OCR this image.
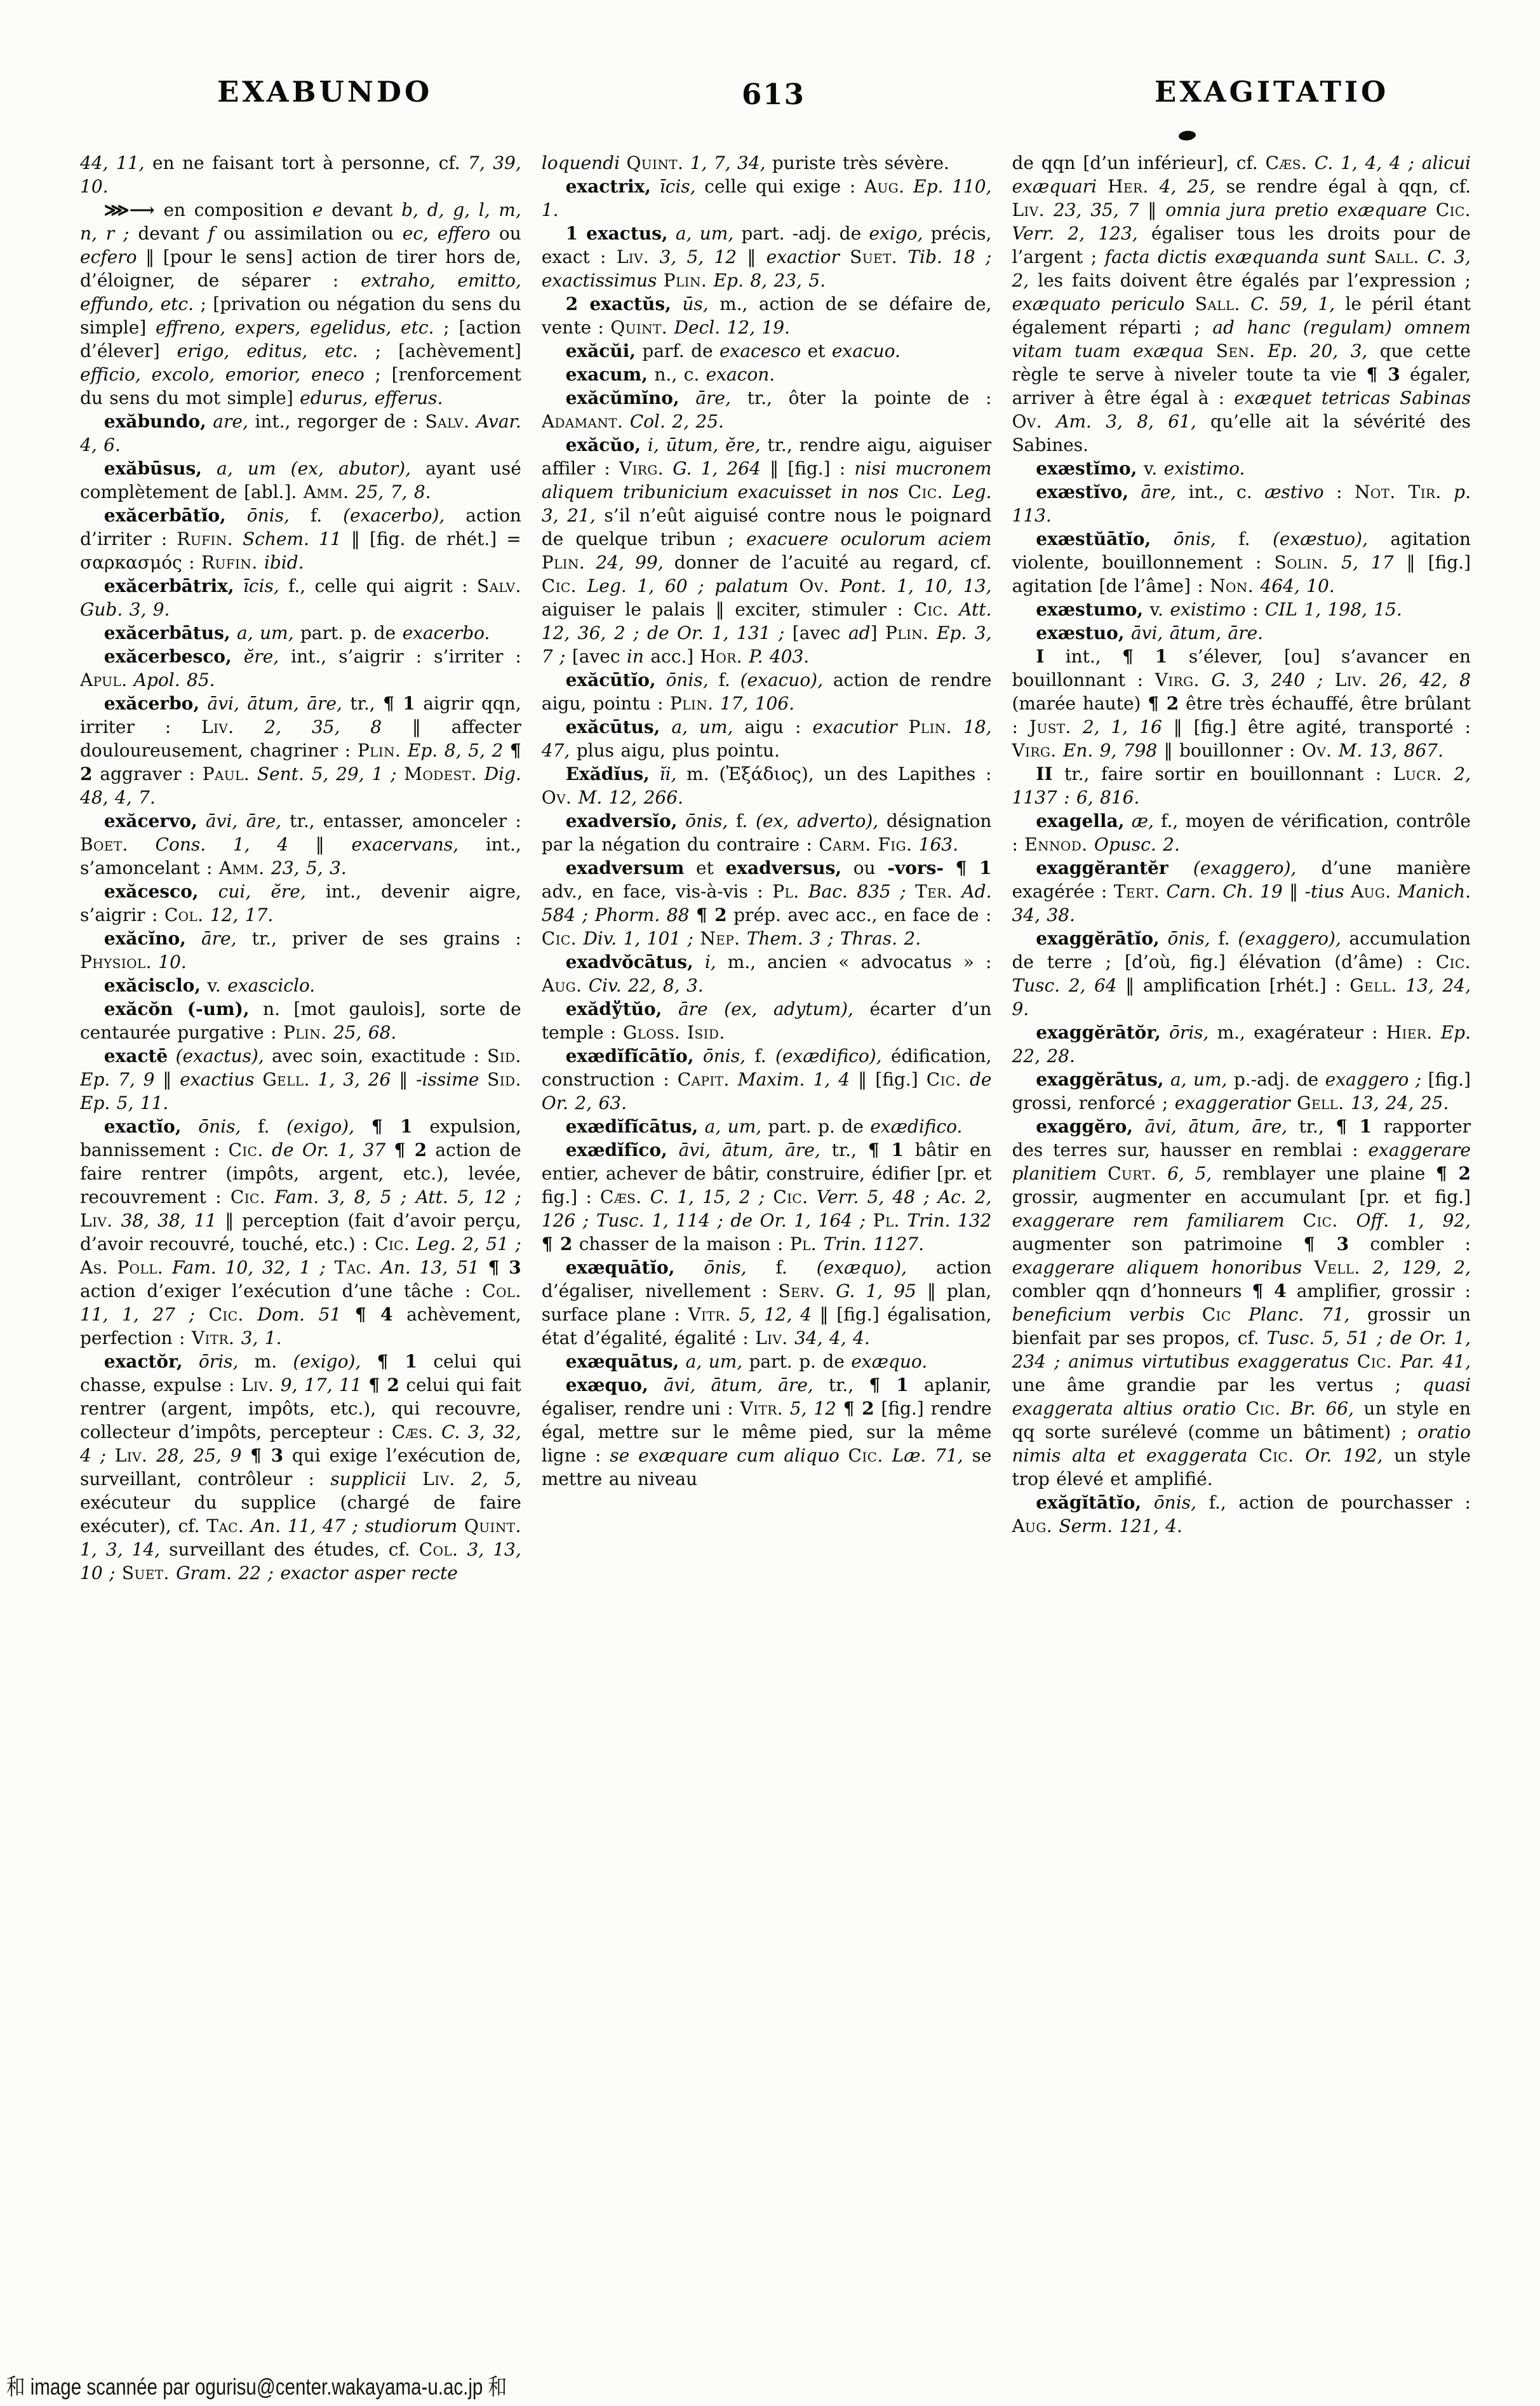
EXABUNDO	613	EXAGITATIO

44, 11, en ne faisant tort à personne, cf. 7, 39, 10.

⋙⟶ en composition e devant b, d, g, l, m, n, r ; devant f ou assimilation ou ec, effero ou ecfero ‖ [pour le sens] action de tirer hors de, d’éloigner, de séparer : extraho, emitto, effundo, etc. ; [privation ou négation du sens du simple] effreno, expers, egelidus, etc. ; [action d’élever] erigo, editus, etc. ; [achèvement] efficio, excolo, emorior, eneco ; [renforcement du sens du mot simple] edurus, efferus.

exăbundo, are, int., regorger de : Salv. Avar. 4, 6.

exăbūsus, a, um (ex, abutor), ayant usé complètement de [abl.]. Amm. 25, 7, 8.

exăcerbātĭo, ōnis, f. (exacerbo), action d’irriter : Rufin. Schem. 11 ‖ [fig. de rhét.] = σαρκασμός : Rufin. ibid.

exăcerbātrix, īcis, f., celle qui aigrit : Salv. Gub. 3, 9.

exăcerbātus, a, um, part. p. de exacerbo.

exăcerbesco, ĕre, int., s’aigrir : s’irriter : Apul. Apol. 85.

exăcerbo, āvi, ātum, āre, tr., ¶ 1 aigrir qqn, irriter : Liv. 2, 35, 8 ‖ affecter douloureusement, chagriner : Plin. Ep. 8, 5, 2 ¶ 2 aggraver : Paul. Sent. 5, 29, 1 ; Modest. Dig. 48, 4, 7.

exăcervo, āvi, āre, tr., entasser, amonceler : Boet. Cons. 1, 4 ‖ exacervans, int., s’amoncelant : Amm. 23, 5, 3.

exăcesco, cui, ĕre, int., devenir aigre, s’aigrir : Col. 12, 17.

exăcĭno, āre, tr., priver de ses grains : Physiol. 10.

exăcisclo, v. exasciclo.

exăcŏn (-um), n. [mot gaulois], sorte de centaurée purgative : Plin. 25, 68.

exactē (exactus), avec soin, exactitude : Sid. Ep. 7, 9 ‖ exactius Gell. 1, 3, 26 ‖ -issime Sid. Ep. 5, 11.

exactĭo, ōnis, f. (exigo), ¶ 1 expulsion, bannissement : Cic. de Or. 1, 37 ¶ 2 action de faire rentrer (impôts, argent, etc.), levée, recouvrement : Cic. Fam. 3, 8, 5 ; Att. 5, 12 ; Liv. 38, 38, 11 ‖ perception (fait d’avoir perçu, d’avoir recouvré, touché, etc.) : Cic. Leg. 2, 51 ; As. Poll. Fam. 10, 32, 1 ; Tac. An. 13, 51 ¶ 3 action d’exiger l’exécution d’une tâche : Col. 11, 1, 27 ; Cic. Dom. 51 ¶ 4 achèvement, perfection : Vitr. 3, 1.

exactŏr, ōris, m. (exigo), ¶ 1 celui qui chasse, expulse : Liv. 9, 17, 11 ¶ 2 celui qui fait rentrer (argent, impôts, etc.), qui recouvre, collecteur d’impôts, percepteur : Cæs. C. 3, 32, 4 ; Liv. 28, 25, 9 ¶ 3 qui exige l’exécution de, surveillant, contrôleur : supplicii Liv. 2, 5, exécuteur du supplice (chargé de faire exécuter), cf. Tac. An. 11, 47 ; studiorum Quint. 1, 3, 14, surveillant des études, cf. Col. 3, 13, 10 ; Suet. Gram. 22 ; exactor asper recte

loquendi Quint. 1, 7, 34, puriste très sévère.

exactrix, īcis, celle qui exige : Aug. Ep. 110, 1.

1 exactus, a, um, part. -adj. de exigo, précis, exact : Liv. 3, 5, 12 ‖ exactior Suet. Tib. 18 ; exactissimus Plin. Ep. 8, 23, 5.

2 exactŭs, ūs, m., action de se défaire de, vente : Quint. Decl. 12, 19.

exăcŭi, parf. de exacesco et exacuo.

exacum, n., c. exacon.

exăcŭmĭno, āre, tr., ôter la pointe de : Adamant. Col. 2, 25.

exăcŭo, i, ūtum, ĕre, tr., rendre aigu, aiguiser affiler : Virg. G. 1, 264 ‖ [fig.] : nisi mucronem aliquem tribunicium exacuisset in nos Cic. Leg. 3, 21, s’il n’eût aiguisé contre nous le poignard de quelque tribun ; exacuere oculorum aciem Plin. 24, 99, donner de l’acuité au regard, cf. Cic. Leg. 1, 60 ; palatum Ov. Pont. 1, 10, 13, aiguiser le palais ‖ exciter, stimuler : Cic. Att. 12, 36, 2 ; de Or. 1, 131 ; [avec ad] Plin. Ep. 3, 7 ; [avec in acc.] Hor. P. 403.

exăcūtĭo, ōnis, f. (exacuo), action de rendre aigu, pointu : Plin. 17, 106.

exăcūtus, a, um, aigu : exacutior Plin. 18, 47, plus aigu, plus pointu.

Exădĭus, ĭi, m. (Ἐξάδιος), un des Lapithes : Ov. M. 12, 266.

exadversĭo, ōnis, f. (ex, adverto), désignation par la négation du contraire : Carm. Fig. 163.

exadversum et exadversus, ou -vors- ¶ 1 adv., en face, vis-à-vis : Pl. Bac. 835 ; Ter. Ad. 584 ; Phorm. 88 ¶ 2 prép. avec acc., en face de : Cic. Div. 1, 101 ; Nep. Them. 3 ; Thras. 2.

exadvŏcātus, i, m., ancien « advocatus » : Aug. Civ. 22, 8, 3.

exădўtŭo, āre (ex, adytum), écarter d’un temple : Gloss. Isid.

exædĭfĭcātĭo, ōnis, f. (exædifico), édification, construction : Capit. Maxim. 1, 4 ‖ [fig.] Cic. de Or. 2, 63.

exædĭfĭcātus, a, um, part. p. de exædifico.

exædĭfĭco, āvi, ātum, āre, tr., ¶ 1 bâtir en entier, achever de bâtir, construire, édifier [pr. et fig.] : Cæs. C. 1, 15, 2 ; Cic. Verr. 5, 48 ; Ac. 2, 126 ; Tusc. 1, 114 ; de Or. 1, 164 ; Pl. Trin. 132 ¶ 2 chasser de la maison : Pl. Trin. 1127.

exæquātĭo, ōnis, f. (exæquo), action d’égaliser, nivellement : Serv. G. 1, 95 ‖ plan, surface plane : Vitr. 5, 12, 4 ‖ [fig.] égalisation, état d’égalité, égalité : Liv. 34, 4, 4.

exæquātus, a, um, part. p. de exæquo.

exæquo, āvi, ātum, āre, tr., ¶ 1 aplanir, égaliser, rendre uni : Vitr. 5, 12 ¶ 2 [fig.] rendre égal, mettre sur le même pied, sur la même ligne : se exæquare cum aliquo Cic. Læ. 71, se mettre au niveau

de qqn [d’un inférieur], cf. Cæs. C. 1, 4, 4 ; alicui exæquari Her. 4, 25, se rendre égal à qqn, cf. Liv. 23, 35, 7 ‖ omnia jura pretio exæquare Cic. Verr. 2, 123, égaliser tous les droits pour de l’argent ; facta dictis exæquanda sunt Sall. C. 3, 2, les faits doivent être égalés par l’expression ; exæquato periculo Sall. C. 59, 1, le péril étant également réparti ; ad hanc (regulam) omnem vitam tuam exæqua Sen. Ep. 20, 3, que cette règle te serve à niveler toute ta vie ¶ 3 égaler, arriver à être égal à : exæquet tetricas Sabinas Ov. Am. 3, 8, 61, qu’elle ait la sévérité des Sabines.

exæstĭmo, v. existimo.

exæstĭvo, āre, int., c. æstivo : Not. Tir. p. 113.

exæstŭātĭo, ōnis, f. (exæstuo), agitation violente, bouillonnement : Solin. 5, 17 ‖ [fig.] agitation [de l’âme] : Non. 464, 10.

exæstumo, v. existimo : CIL 1, 198, 15.

exæstuo, āvi, ātum, āre.

I int., ¶ 1 s’élever, [ou] s’avancer en bouillonnant : Virg. G. 3, 240 ; Liv. 26, 42, 8 (marée haute) ¶ 2 être très échauffé, être brûlant : Just. 2, 1, 16 ‖ [fig.] être agité, transporté : Virg. En. 9, 798 ‖ bouillonner : Ov. M. 13, 867.

II tr., faire sortir en bouillonnant : Lucr. 2, 1137 : 6, 816.

exagella, æ, f., moyen de vérification, contrôle : Ennod. Opusc. 2.

exaggĕrantĕr (exaggero), d’une manière exagérée : Tert. Carn. Ch. 19 ‖ -tius Aug. Manich. 34, 38.

exaggĕrātĭo, ōnis, f. (exaggero), accumulation de terre ; [d’où, fig.] élévation (d’âme) : Cic. Tusc. 2, 64 ‖ amplification [rhét.] : Gell. 13, 24, 9.

exaggĕrātŏr, ōris, m., exagérateur : Hier. Ep. 22, 28.

exaggĕrātus, a, um, p.-adj. de exaggero ; [fig.] grossi, renforcé ; exaggeratior Gell. 13, 24, 25.

exaggĕro, āvi, ātum, āre, tr., ¶ 1 rapporter des terres sur, hausser en remblai : exaggerare planitiem Curt. 6, 5, remblayer une plaine ¶ 2 grossir, augmenter en accumulant [pr. et fig.] exaggerare rem familiarem Cic. Off. 1, 92, augmenter son patrimoine ¶ 3 combler : exaggerare aliquem honoribus Vell. 2, 129, 2, combler qqn d’honneurs ¶ 4 amplifier, grossir : beneficium verbis Cic Planc. 71, grossir un bienfait par ses propos, cf. Tusc. 5, 51 ; de Or. 1, 234 ; animus virtutibus exaggeratus Cic. Par. 41, une âme grandie par les vertus ; quasi exaggerata altius oratio Cic. Br. 66, un style en qq sorte surélevé (comme un bâtiment) ; oratio nimis alta et exaggerata Cic. Or. 192, un style trop élevé et amplifié.

exăgĭtātĭo, ōnis, f., action de pourchasser : Aug. Serm. 121, 4.

和 image scannée par ogurisu@center.wakayama-u.ac.jp 和
